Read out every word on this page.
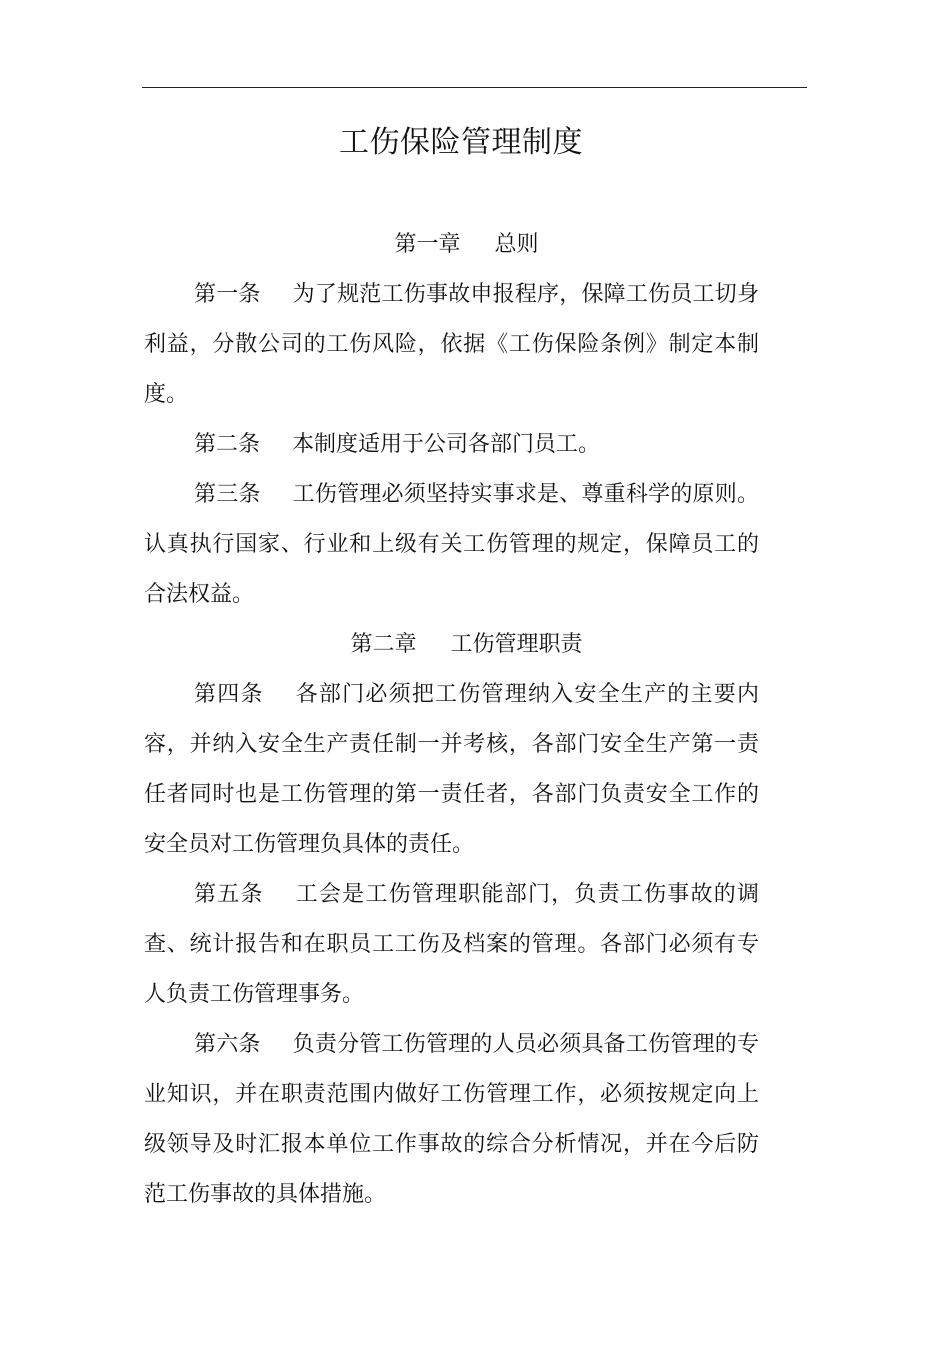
工伤保险管理制度

第一章 总则

第一条 为了规范工伤事故申报程序，保障工伤员工切身利益，分散公司的工伤风险，依据《工伤保险条例》制定本制度。

第二条 本制度适用于公司各部门员工。

第三条 工伤管理必须坚持实事求是、尊重科学的原则。认真执行国家、行业和上级有关工伤管理的规定，保障员工的合法权益。

第二章 工伤管理职责

第四条 各部门必须把工伤管理纳入安全生产的主要内容，并纳入安全生产责任制一并考核，各部门安全生产第一责任者同时也是工伤管理的第一责任者，各部门负责安全工作的安全员对工伤管理负具体的责任。

第五条 工会是工伤管理职能部门，负责工伤事故的调查、统计报告和在职员工工伤及档案的管理。各部门必须有专人负责工伤管理事务。

第六条 负责分管工伤管理的人员必须具备工伤管理的专业知识，并在职责范围内做好工伤管理工作，必须按规定向上级领导及时汇报本单位工作事故的综合分析情况，并在今后防范工伤事故的具体措施。
